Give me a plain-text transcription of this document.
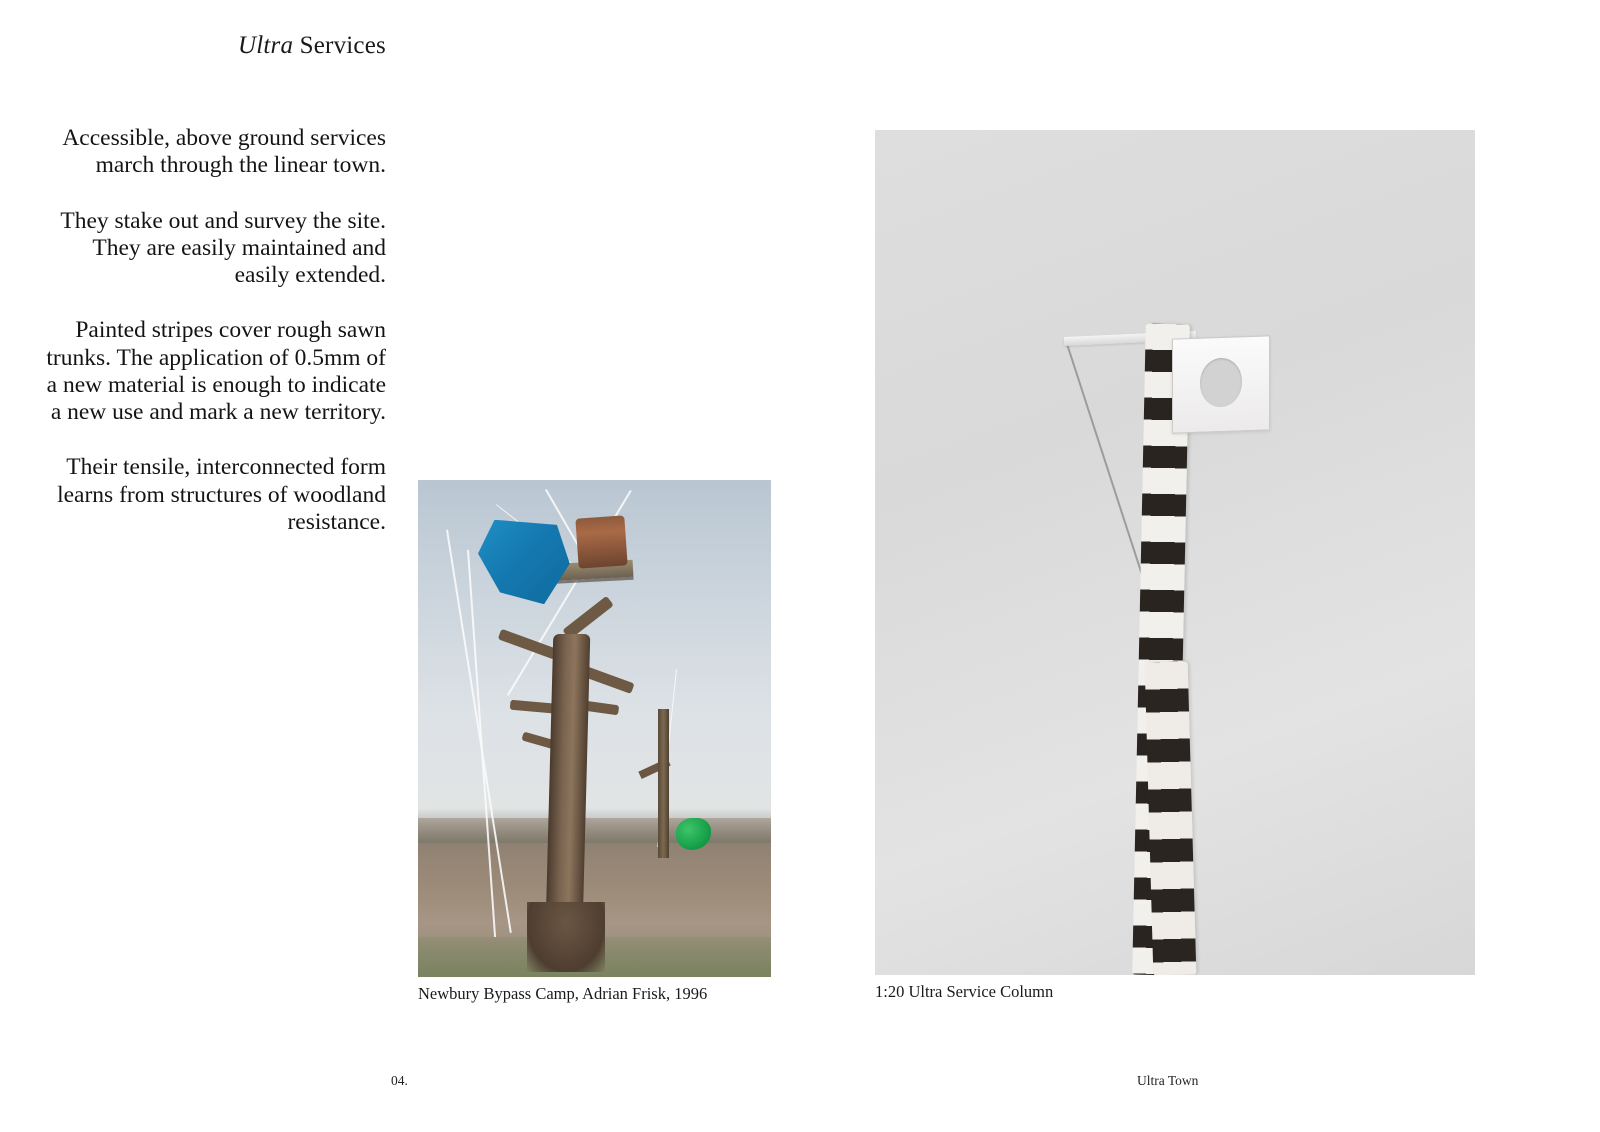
Ultra Services

Accessible, above ground services march through the linear town.

They stake out and survey the site. They are easily maintained and easily extended.

Painted stripes cover rough sawn trunks. The application of 0.5mm of a new material is enough to indicate a new use and mark a new territory.

Their tensile, interconnected form learns from structures of woodland resistance.

Newbury Bypass Camp, Adrian Frisk, 1996	1:20 Ultra Service Column
04.	Ultra Town
